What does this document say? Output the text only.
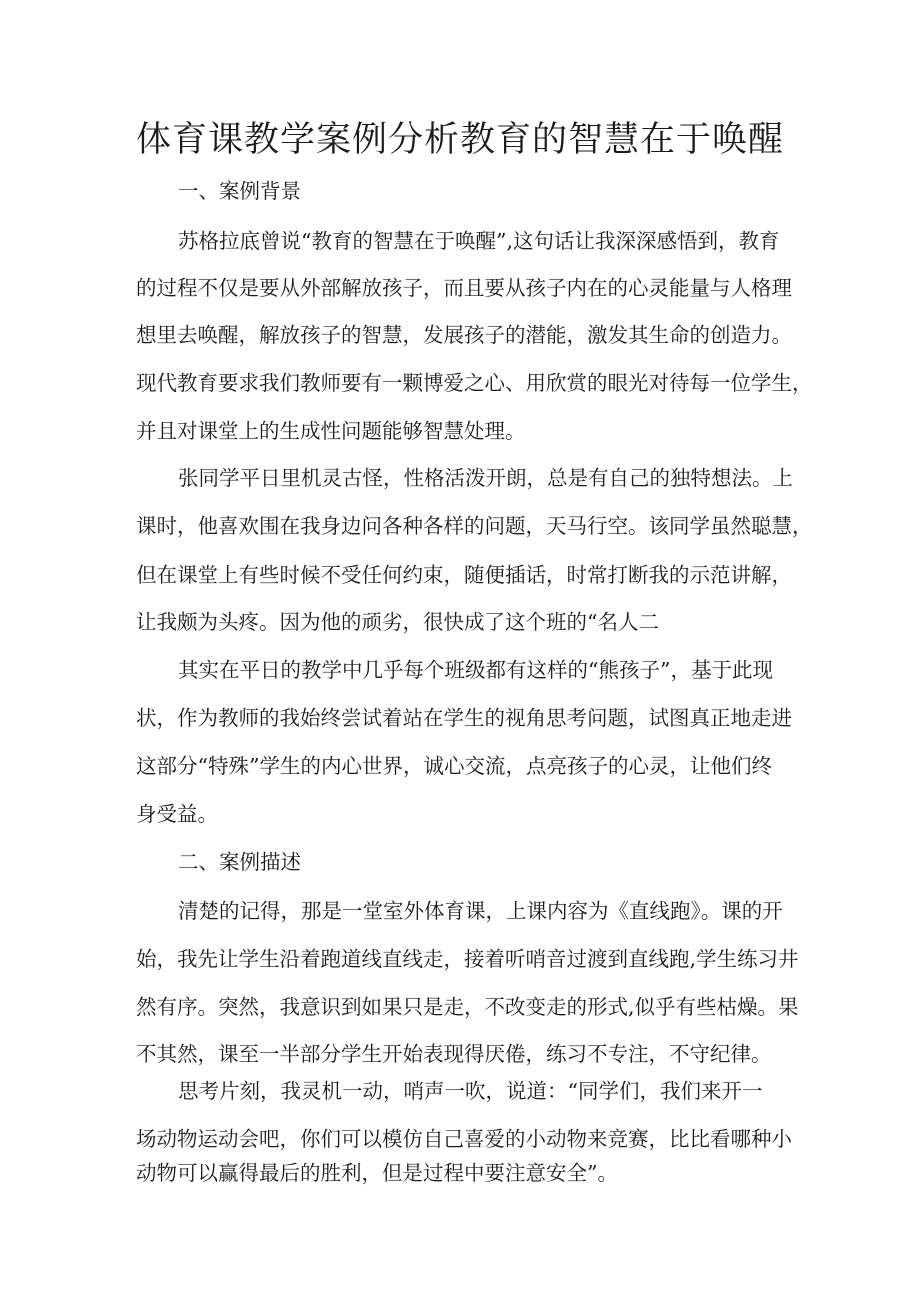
体育课教学案例分析教育的智慧在于唤醒
一、案例背景
苏格拉底曾说“教育的智慧在于唤醒”,这句话让我深深感悟到，教育
的过程不仅是要从外部解放孩子，而且要从孩子内在的心灵能量与人格理
想里去唤醒，解放孩子的智慧，发展孩子的潜能，激发其生命的创造力。
现代教育要求我们教师要有一颗博爱之心、用欣赏的眼光对待每一位学生，
并且对课堂上的生成性问题能够智慧处理。
张同学平日里机灵古怪，性格活泼开朗，总是有自己的独特想法。上
课时，他喜欢围在我身边问各种各样的问题，天马行空。该同学虽然聪慧，
但在课堂上有些时候不受任何约束，随便插话，时常打断我的示范讲解，
让我颇为头疼。因为他的顽劣，很快成了这个班的“名人二
其实在平日的教学中几乎每个班级都有这样的“熊孩子”，基于此现
状，作为教师的我始终尝试着站在学生的视角思考问题，试图真正地走进
这部分“特殊”学生的内心世界，诚心交流，点亮孩子的心灵，让他们终
身受益。
二、案例描述
清楚的记得，那是一堂室外体育课，上课内容为《直线跑》。课的开
始，我先让学生沿着跑道线直线走，接着听哨音过渡到直线跑,学生练习井
然有序。突然，我意识到如果只是走，不改变走的形式,似乎有些枯燥。果
不其然，课至一半部分学生开始表现得厌倦，练习不专注，不守纪律。
思考片刻，我灵机一动，哨声一吹，说道：“同学们，我们来开一
场动物运动会吧，你们可以模仿自己喜爱的小动物来竞赛，比比看哪种小
动物可以赢得最后的胜利，但是过程中要注意安全”。
